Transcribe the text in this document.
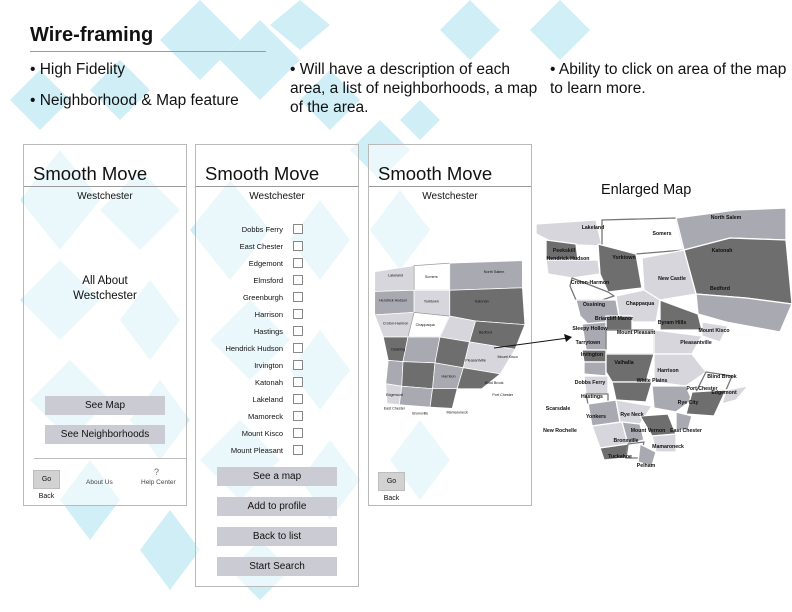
Wire-framing
• High Fidelity
• Neighborhood & Map feature
• Will have a description of each area, a list of neighborhoods, a map of the area.
• Ability to click on area of the map to learn more.
Smooth Move
Westchester
All About Westchester
See Map
See Neighborhoods
Go Back
About Us
?
Help Center
Smooth Move
Westchester
Dobbs Ferry
East Chester
Edgemont
Elmsford
Greenburgh
Harrison
Hastings
Hendrick Hudson
Irvington
Katonah
Lakeland
Mamoreck
Mount Kisco
Mount Pleasant
See a map
Add to profile
Back to list
Start Search
Smooth Move
Westchester
Lakeland	Somers
North Salem
Hendrick Hudson	Yorktown	Katonah
Croton-Harmon
Bedford
Chappaqua
Mount Kisco
Pleasantville
Ossining
Harrison
Blind Brook
Port Chester
Edgemont
East Chester
Bronxville	Mamaroneck
Go Back
Enlarged Map
Lakeland
Somers
North Salem
Peekskill
Hendrick Hudson	Yorktown
Katonah
New Castle
Croton-Harmon
Bedford
Ossining	Chappaqua
Briarcliff Manor
Sleepy Hollow
Mount Pleasant
Byram Hills
Mount Kisco
Pleasantville
Tarrytown
Irvington
Valhalla
Harrison
Blind Brook
White Plains
Dobbs Ferry
Hastings
Rye City
Port Chester
Edgemont
Yonkers
Scarsdale
Rye Neck
East Chester
New Rochelle	Mount Vernon
Bronxville
Mamaroneck
Tuckahoe
Pelham
